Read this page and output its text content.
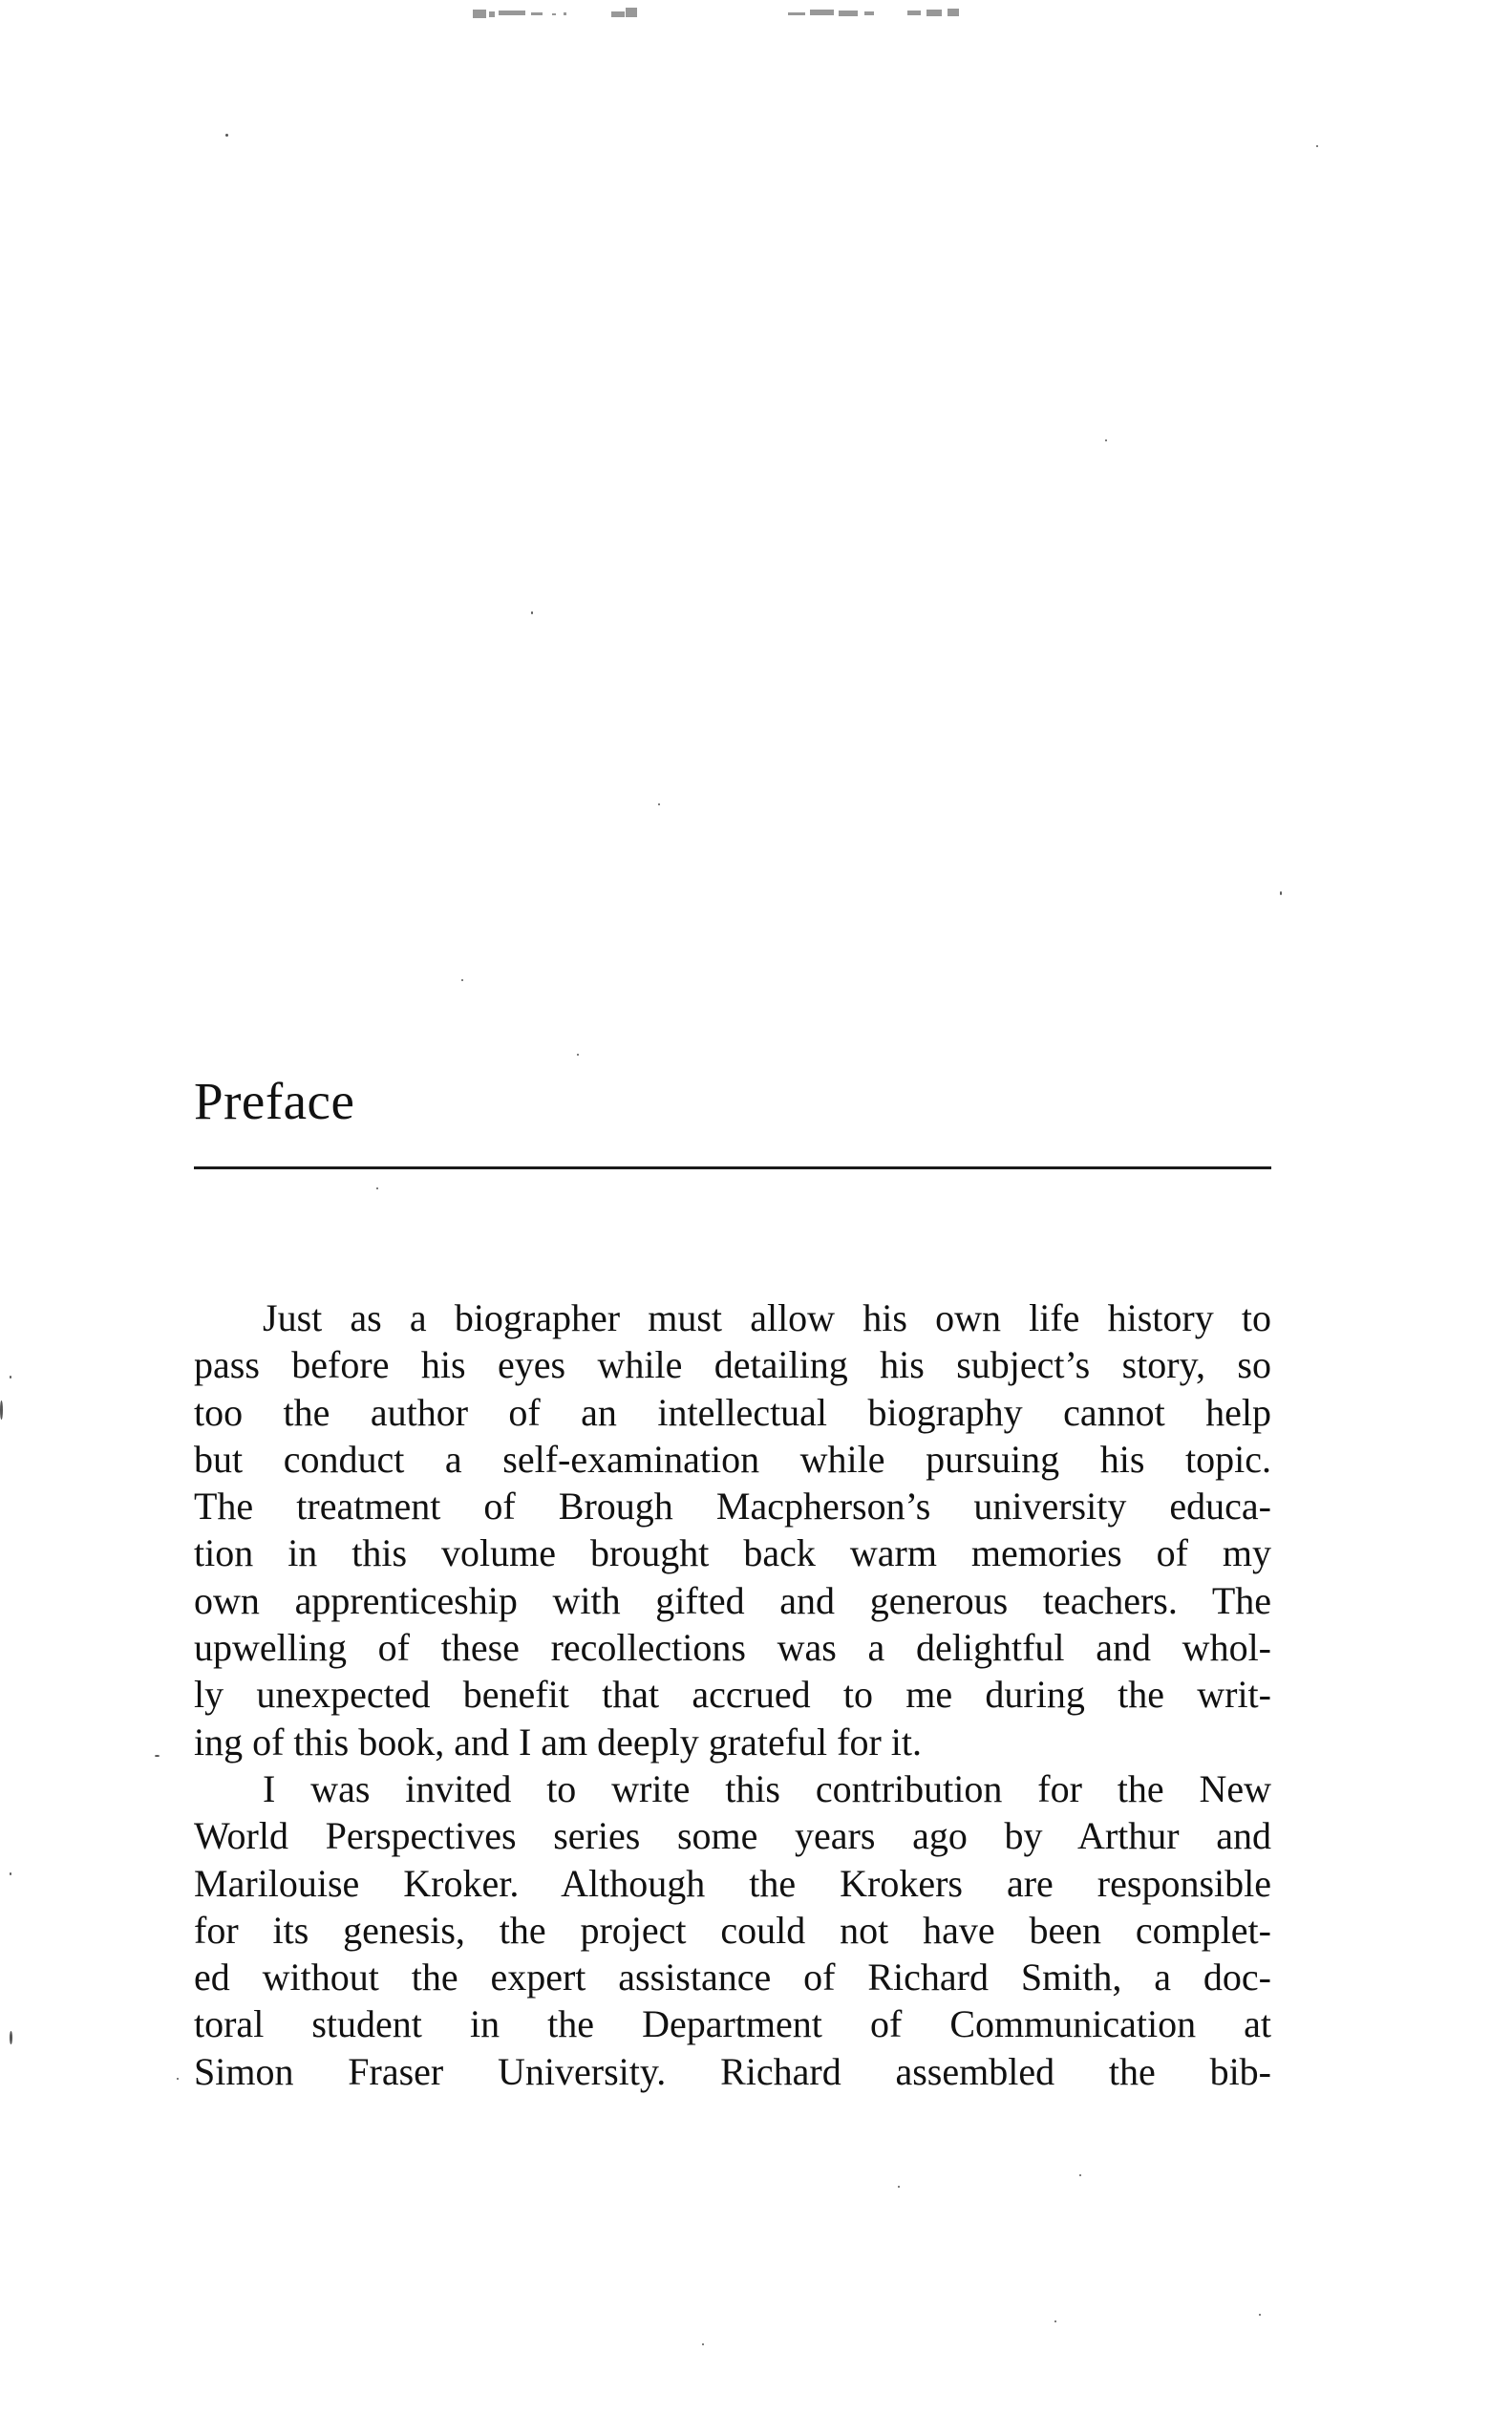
Preface
Just as a biographer must allow his own life history to
pass before his eyes while detailing his subject’s story, so
too the author of an intellectual biography cannot help
but conduct a self-examination while pursuing his topic.
The treatment of Brough Macpherson’s university educa-
tion in this volume brought back warm memories of my
own apprenticeship with gifted and generous teachers. The
upwelling of these recollections was a delightful and whol-
ly unexpected benefit that accrued to me during the writ-
ing of this book, and I am deeply grateful for it.
I was invited to write this contribution for the New
World Perspectives series some years ago by Arthur and
Marilouise Kroker. Although the Krokers are responsible
for its genesis, the project could not have been complet-
ed without the expert assistance of Richard Smith, a doc-
toral student in the Department of Communication at
Simon Fraser University. Richard assembled the bib-
